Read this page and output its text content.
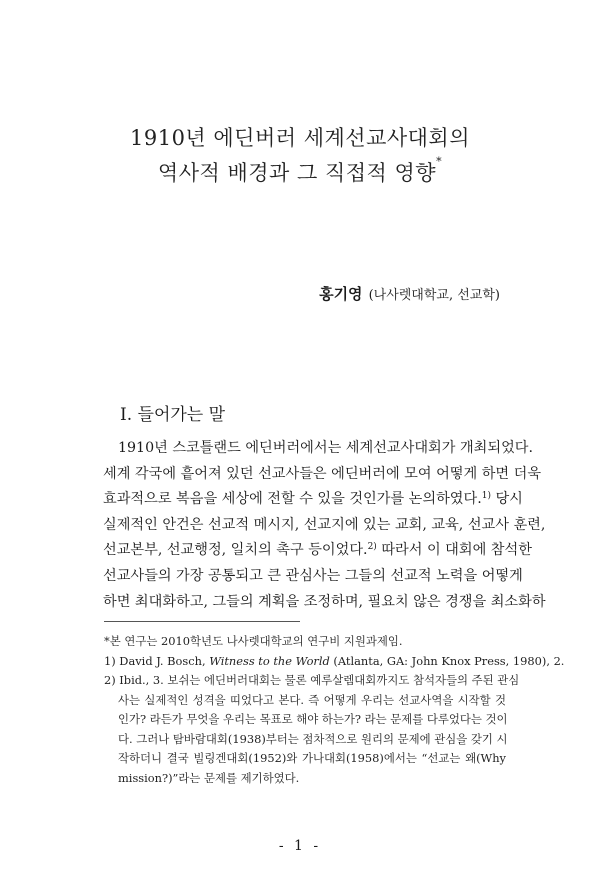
1910년 에딘버러 세계선교사대회의
역사적 배경과 그 직접적 영향*
홍기영 (나사렛대학교, 선교학)
I. 들어가는 말
1910년 스코틀랜드 에딘버러에서는 세계선교사대회가 개최되었다.
세계 각국에 흩어져 있던 선교사들은 에딘버러에 모여 어떻게 하면 더욱
효과적으로 복음을 세상에 전할 수 있을 것인가를 논의하였다.$^{1)}$ 당시
실제적인 안건은 선교적 메시지, 선교지에 있는 교회, 교육, 선교사 훈련,
선교본부, 선교행정, 일치의 촉구 등이었다.$^{2)}$ 따라서 이 대회에 참석한
선교사들의 가장 공통되고 큰 관심사는 그들의 선교적 노력을 어떻게
하면 최대화하고, 그들의 계획을 조정하며, 필요치 않은 경쟁을 최소화하
*본 연구는 2010학년도 나사렛대학교의 연구비 지원과제임.
1) David J. Bosch, Witness to the World (Atlanta, GA: John Knox Press, 1980), 2.
2) Ibid., 3. 보쉬는 에딘버러대회는 물론 예루살렘대회까지도 참석자들의 주된 관심
사는 실제적인 성격을 띠었다고 본다. 즉 어떻게 우리는 선교사역을 시작할 것
인가? 라든가 무엇을 우리는 목표로 해야 하는가? 라는 문제를 다루었다는 것이
다. 그러나 탐바람대회(1938)부터는 점차적으로 원리의 문제에 관심을 갖기 시
작하더니 결국 빌링겐대회(1952)와 가나대회(1958)에서는 “선교는 왜(Why
mission?)”라는 문제를 제기하였다.
- 1 -
